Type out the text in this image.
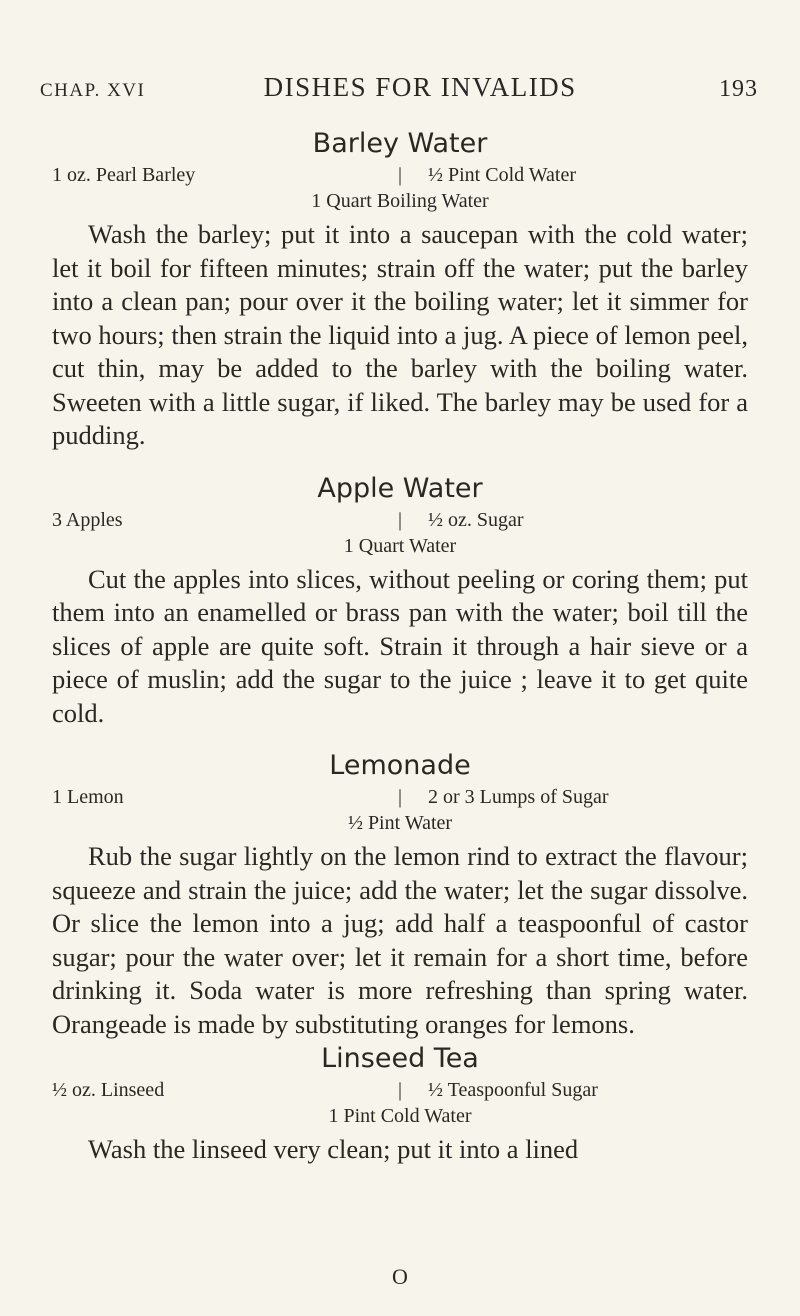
CHAP. XVI	DISHES FOR INVALIDS	193
Barley Water
1 oz. Pearl Barley	|	½ Pint Cold Water
1 Quart Boiling Water

Wash the barley; put it into a saucepan with the cold water; let it boil for fifteen minutes; strain off the water; put the barley into a clean pan; pour over it the boiling water; let it simmer for two hours; then strain the liquid into a jug. A piece of lemon peel, cut thin, may be added to the barley with the boiling water. Sweeten with a little sugar, if liked. The barley may be used for a pudding.

Apple Water
3 Apples	|	½ oz. Sugar
1 Quart Water

Cut the apples into slices, without peeling or coring them; put them into an enamelled or brass pan with the water; boil till the slices of apple are quite soft. Strain it through a hair sieve or a piece of muslin; add the sugar to the juice ; leave it to get quite cold.

Lemonade
1 Lemon	|	2 or 3 Lumps of Sugar
½ Pint Water

Rub the sugar lightly on the lemon rind to extract the flavour; squeeze and strain the juice; add the water; let the sugar dissolve. Or slice the lemon into a jug; add half a teaspoonful of castor sugar; pour the water over; let it remain for a short time, before drinking it. Soda water is more refreshing than spring water. Orangeade is made by substituting oranges for lemons.

Linseed Tea
½ oz. Linseed	|	½ Teaspoonful Sugar
1 Pint Cold Water

Wash the linseed very clean; put it into a lined

O
